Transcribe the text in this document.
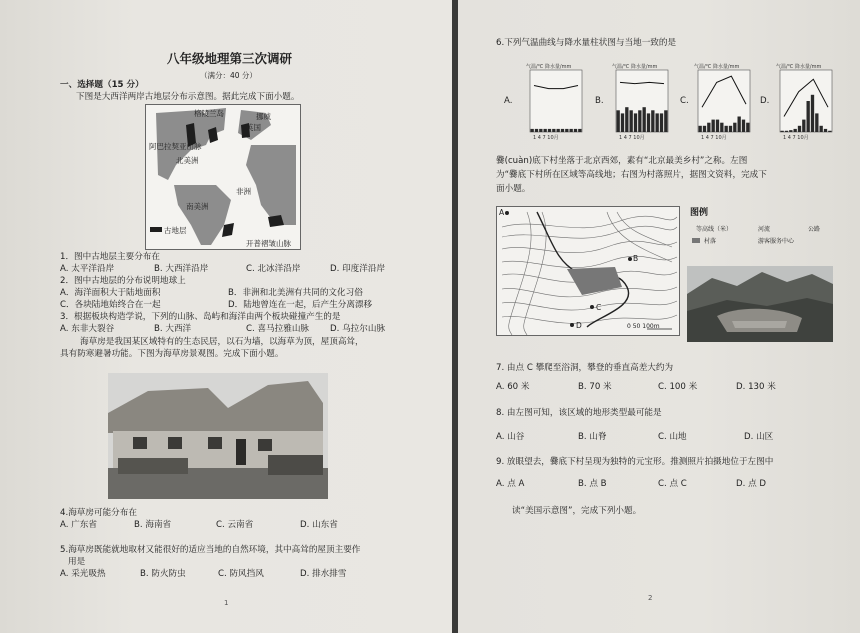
八年级地理第三次调研
（满分：40 分）
一、选择题（15 分）
下图是大西洋两岸古地层分布示意图。据此完成下面小题。
格陵兰岛	挪威
英国
阿巴拉契亚山脉
北美洲
非洲
南美洲
古地层
开普褶皱山脉
1．图中古地层主要分布在
A. 太平洋沿岸	B. 大西洋沿岸	C. 北冰洋沿岸	D. 印度洋沿岸
2．图中古地层的分布说明地球上
A．海洋面积大于陆地面积	B．非洲和北美洲有共同的文化习俗
C．各块陆地始终合在一起	D．陆地曾连在一起，后产生分离漂移
3．根据板块构造学说，下列的山脉、岛屿和海洋由两个板块碰撞产生的是
A. 东非大裂谷	B. 大西洋	C. 喜马拉雅山脉 D. 乌拉尔山脉
海草房是我国某区域特有的生态民居，以石为墙，以海草为顶，屋顶高耸，
具有防寒避暑功能。下图为海草房景观图。完成下面小题。
4.海草房可能分布在
A. 广东省	B. 海南省	C. 云南省	D. 山东省
5.海草房既能就地取材又能很好的适应当地的自然环境，其中高耸的屋顶主要作
用是
A. 采光吸热	B. 防火防虫	C. 防风挡风	D. 排水排雪
1
6.下列气温曲线与降水量柱状图与当地一致的是
A.	B.	C.	D.
气温/℃ 降水量/mm
1 4 7 10月
气温/℃ 降水量/mm
1 4 7 10月
气温/℃ 降水量/mm
1 4 7 10月
气温/℃ 降水量/mm
1 4 7 10月
爨(cuàn)底下村坐落于北京西郊，素有“北京最美乡村”之称。左图
为“爨底下村所在区域等高线地；右图为村落照片，据图文资料，完成下
面小题。
A
B
C
D	0 50 100m
图例
等高线（米）	河流	公路
村落	游客服务中心
7. 由点 C 攀爬至浴洞，攀登的垂直高差大约为
A. 60 米	B. 70 米	C. 100 米	D. 130 米
8. 由左图可知，该区域的地形类型最可能是
A. 山谷	B. 山脊	C. 山地	D. 山区
9. 放眼望去，爨底下村呈现为独特的元宝形。推测照片拍摄地位于左图中
A. 点 A	B. 点 B	C. 点 C	D. 点 D
读“美国示意图”，完成下列小题。
2
